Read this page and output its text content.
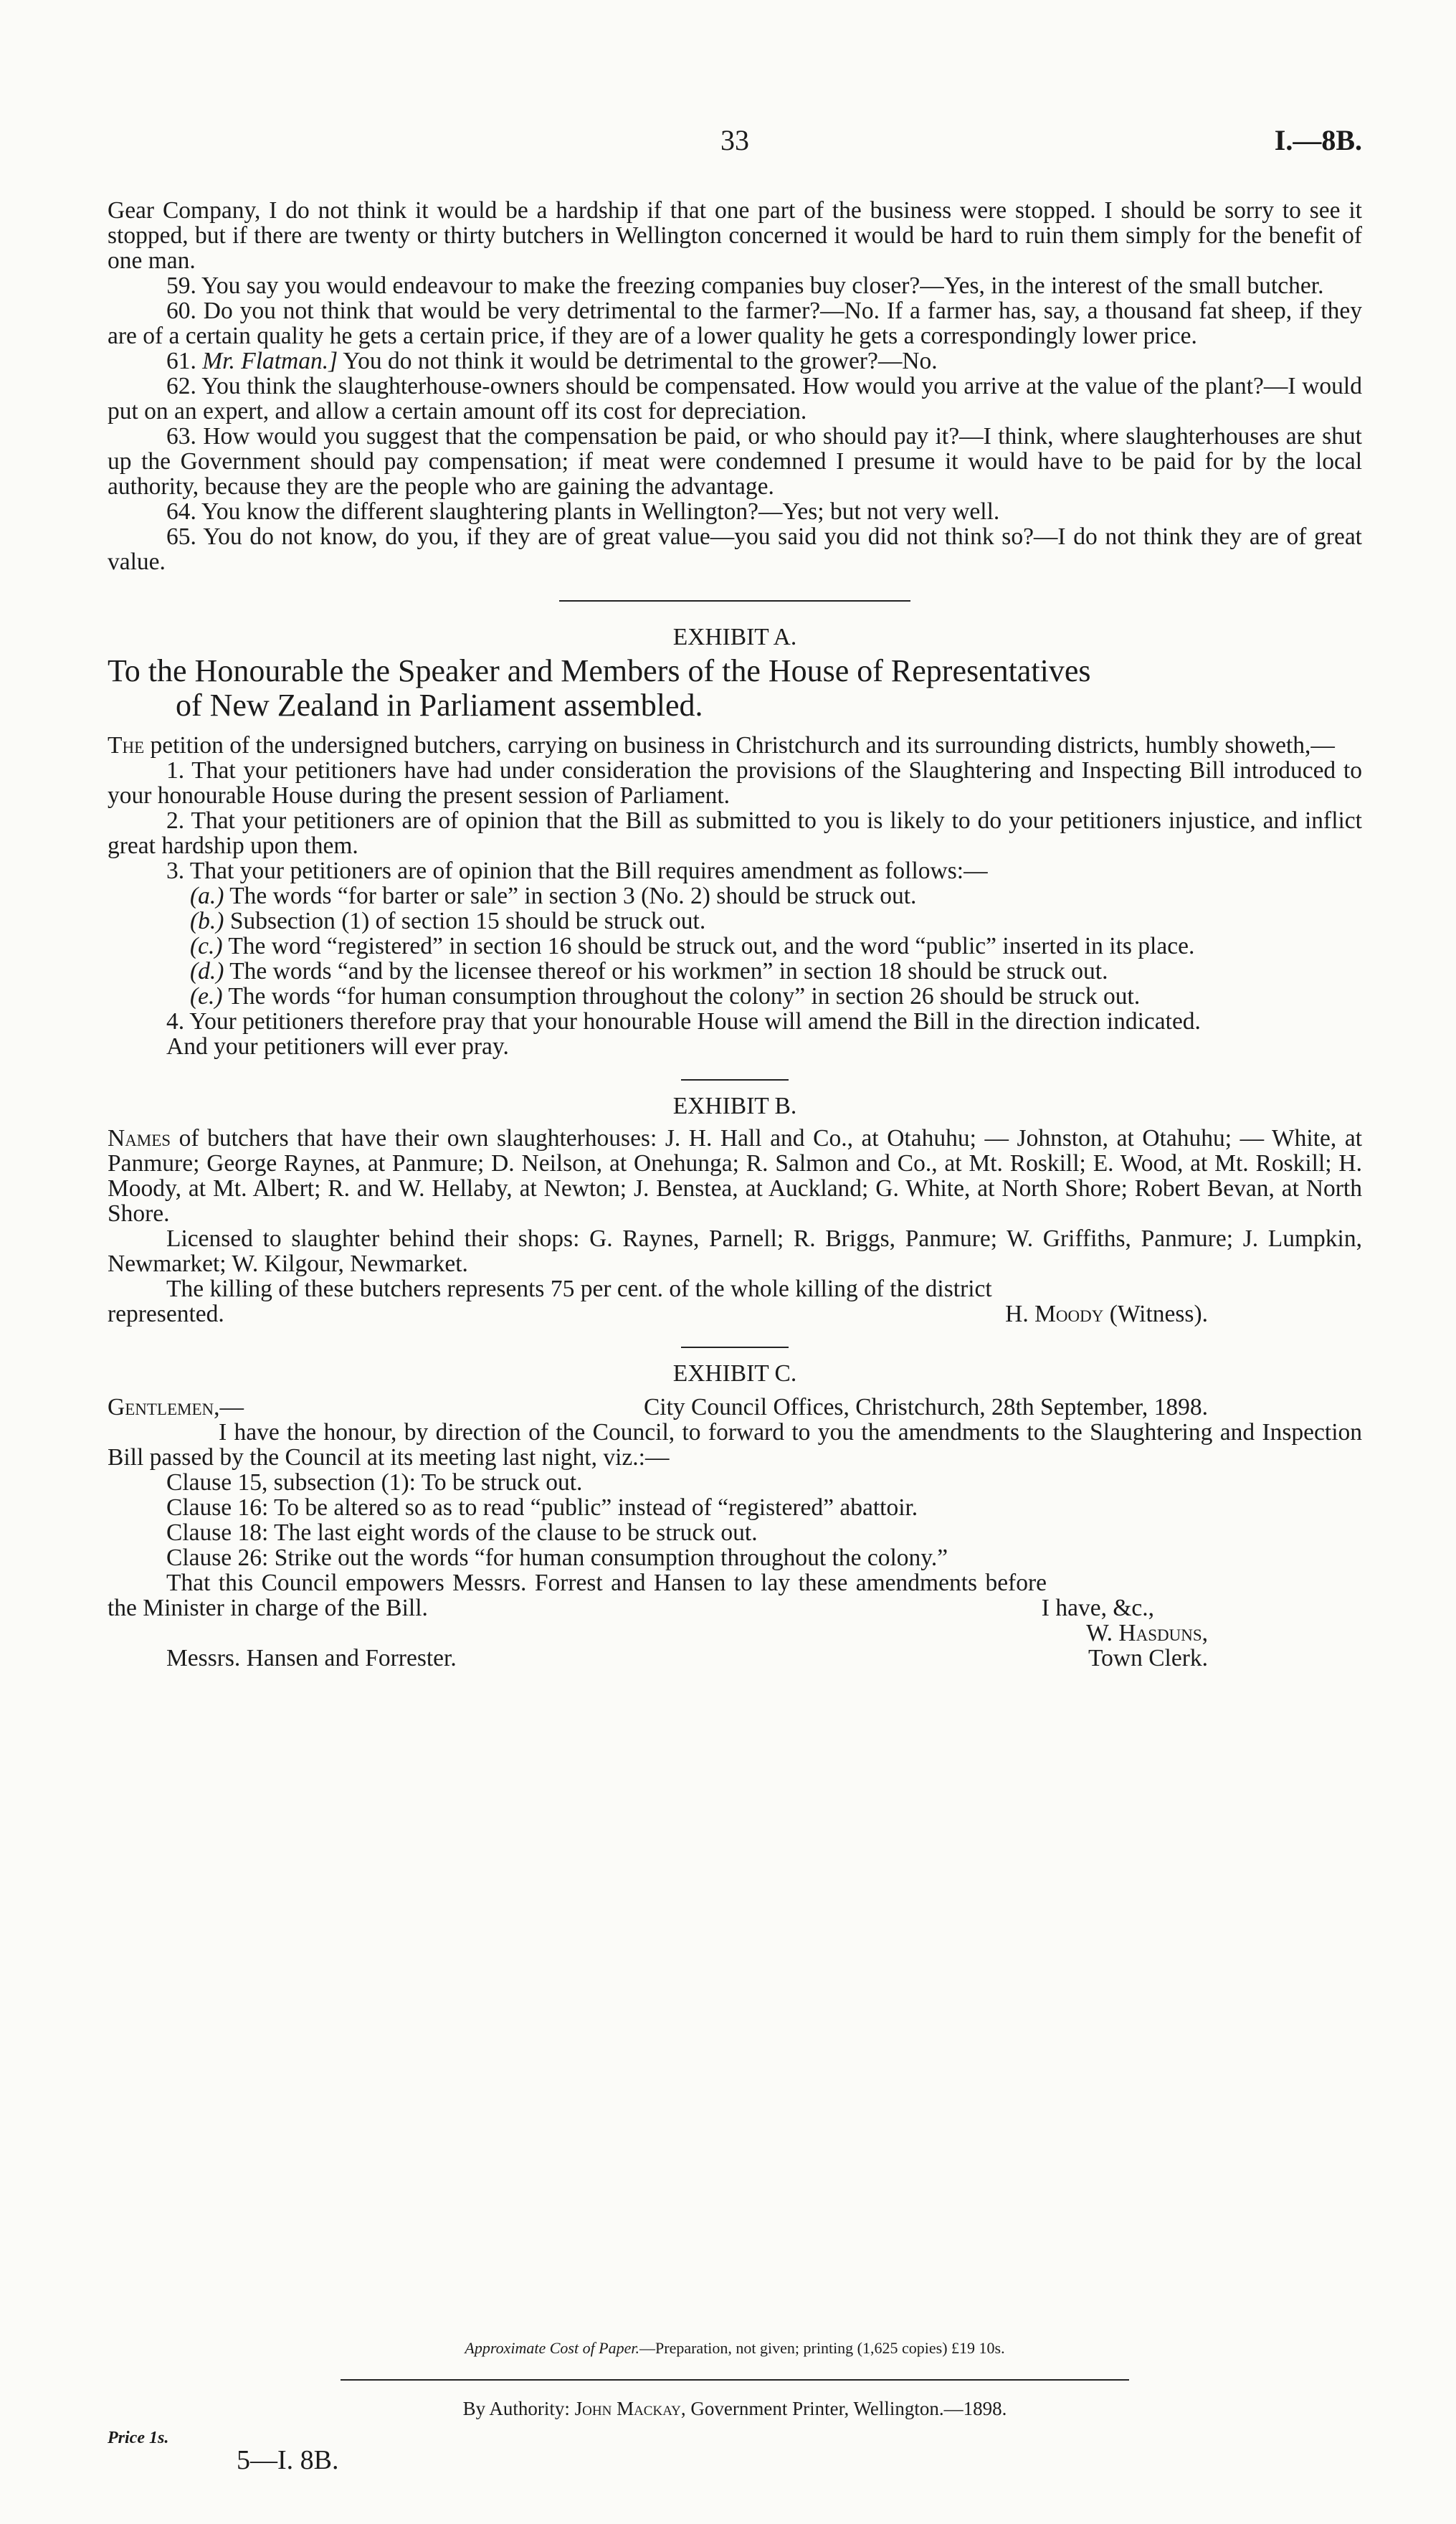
33	I.—8B.

Gear Company, I do not think it would be a hardship if that one part of the business were stopped. I should be sorry to see it stopped, but if there are twenty or thirty butchers in Wellington concerned it would be hard to ruin them simply for the benefit of one man.

59. You say you would endeavour to make the freezing companies buy closer?—Yes, in the interest of the small butcher.

60. Do you not think that would be very detrimental to the farmer?—No. If a farmer has, say, a thousand fat sheep, if they are of a certain quality he gets a certain price, if they are of a lower quality he gets a correspondingly lower price.

61. Mr. Flatman.] You do not think it would be detrimental to the grower?—No.

62. You think the slaughterhouse-owners should be compensated. How would you arrive at the value of the plant?—I would put on an expert, and allow a certain amount off its cost for depreciation.

63. How would you suggest that the compensation be paid, or who should pay it?—I think, where slaughterhouses are shut up the Government should pay compensation; if meat were condemned I presume it would have to be paid for by the local authority, because they are the people who are gaining the advantage.

64. You know the different slaughtering plants in Wellington?—Yes; but not very well.

65. You do not know, do you, if they are of great value—you said you did not think so?—I do not think they are of great value.

EXHIBIT A.
To the Honourable the Speaker and Members of the House of Representatives
of New Zealand in Parliament assembled.

The petition of the undersigned butchers, carrying on business in Christchurch and its surrounding districts, humbly showeth,—

1. That your petitioners have had under consideration the provisions of the Slaughtering and Inspecting Bill introduced to your honourable House during the present session of Parliament.

2. That your petitioners are of opinion that the Bill as submitted to you is likely to do your petitioners injustice, and inflict great hardship upon them.

3. That your petitioners are of opinion that the Bill requires amendment as follows:—

(a.) The words “for barter or sale” in section 3 (No. 2) should be struck out.

(b.) Subsection (1) of section 15 should be struck out.

(c.) The word “registered” in section 16 should be struck out, and the word “public” inserted in its place.

(d.) The words “and by the licensee thereof or his workmen” in section 18 should be struck out.

(e.) The words “for human consumption throughout the colony” in section 26 should be struck out.

4. Your petitioners therefore pray that your honourable House will amend the Bill in the direction indicated.

And your petitioners will ever pray.

EXHIBIT B.

Names of butchers that have their own slaughterhouses: J. H. Hall and Co., at Otahuhu; — Johnston, at Otahuhu; — White, at Panmure; George Raynes, at Panmure; D. Neilson, at Onehunga; R. Salmon and Co., at Mt. Roskill; E. Wood, at Mt. Roskill; H. Moody, at Mt. Albert; R. and W. Hellaby, at Newton; J. Benstea, at Auckland; G. White, at North Shore; Robert Bevan, at North Shore.

Licensed to slaughter behind their shops: G. Raynes, Parnell; R. Briggs, Panmure; W. Griffiths, Panmure; J. Lumpkin, Newmarket; W. Kilgour, Newmarket.

The killing of these butchers represents 75 per cent. of the whole killing of the district

represented.	H. Moody (Witness).
EXHIBIT C.
Gentlemen,—	City Council Offices, Christchurch, 28th September, 1898.

I have the honour, by direction of the Council, to forward to you the amendments to the Slaughtering and Inspection Bill passed by the Council at its meeting last night, viz.:—

Clause 15, subsection (1): To be struck out.

Clause 16: To be altered so as to read “public” instead of “registered” abattoir.

Clause 18: The last eight words of the clause to be struck out.

Clause 26: Strike out the words “for human consumption throughout the colony.”

That this Council empowers Messrs. Forrest and Hansen to lay these amendments before the Minister in charge of the Bill.	I have, &c.,
W. Hasduns,
Messrs. Hansen and Forrester.	Town Clerk.
Approximate Cost of Paper.—Preparation, not given; printing (1,625 copies) £19 10s.
By Authority: John Mackay, Government Printer, Wellington.—1898.
Price 1s.
5—I. 8B.
